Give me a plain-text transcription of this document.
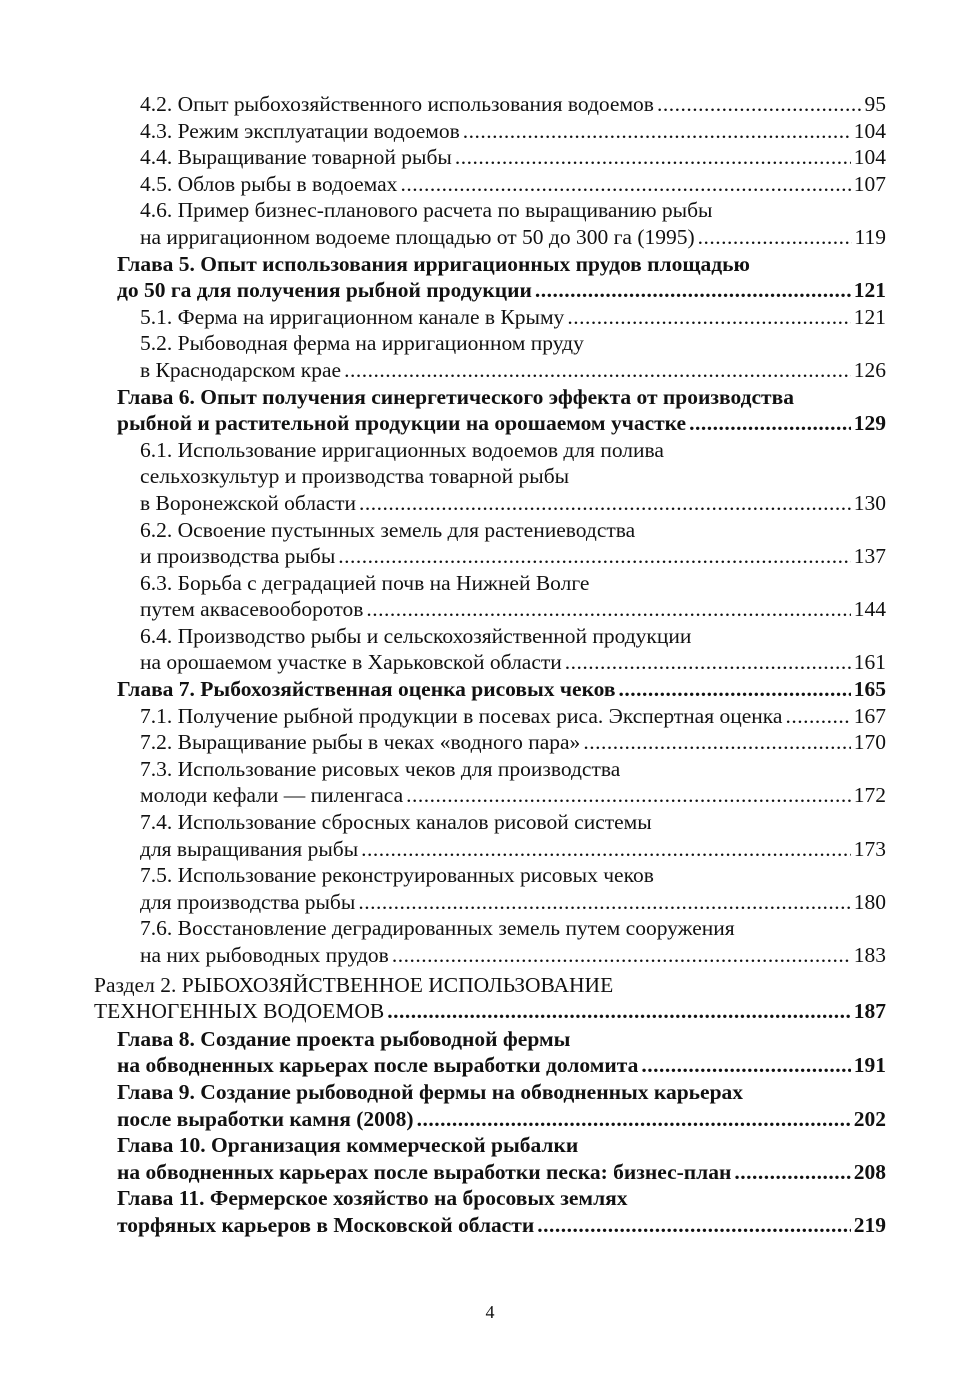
4.2. Опыт рыбохозяйственного использования водоемов .....	95
4.3. Режим эксплуатации водоемов .....	104
4.4. Выращивание товарной рыбы .....	104
4.5. Облов рыбы в водоемах .....	107
4.6. Пример бизнес-планового расчета по выращиванию рыбы
на ирригационном водоеме площадью от 50 до 300 га (1995) .....	119
Глава 5. Опыт использования ирригационных прудов площадью
до 50 га для получения рыбной продукции .....	121
5.1. Ферма на ирригационном канале в Крыму .....	121
5.2. Рыбоводная ферма на ирригационном пруду
в Краснодарском крае .....	126
Глава 6. Опыт получения синергетического эффекта от производства
рыбной и растительной продукции на орошаемом участке .....	129
6.1. Использование ирригационных водоемов для полива
сельхозкультур и производства товарной рыбы
в Воронежской области .....	130
6.2. Освоение пустынных земель для растениеводства
и производства рыбы .....	137
6.3. Борьба с деградацией почв на Нижней Волге
путем аквасевооборотов .....	144
6.4. Производство рыбы и сельскохозяйственной продукции
на орошаемом участке в Харьковской области .....	161
Глава 7. Рыбохозяйственная оценка рисовых чеков .....	165
7.1. Получение рыбной продукции в посевах риса. Экспертная оценка .....	167
7.2. Выращивание рыбы в чеках «водного пара» .....	170
7.3. Использование рисовых чеков для производства
молоди кефали — пиленгаса .....	172
7.4. Использование сбросных каналов рисовой системы
для выращивания рыбы .....	173
7.5. Использование реконструированных рисовых чеков
для производства рыбы .....	180
7.6. Восстановление деградированных земель путем сооружения
на них рыбоводных прудов .....	183
Раздел 2. РЫБОХОЗЯЙСТВЕННОЕ ИСПОЛЬЗОВАНИЕ
ТЕХНОГЕННЫХ ВОДОЕМОВ .....	187
Глава 8. Создание проекта рыбоводной фермы
на обводненных карьерах после выработки доломита .....	191
Глава 9. Создание рыбоводной фермы на обводненных карьерах
после выработки камня (2008) .....	202
Глава 10. Организация коммерческой рыбалки
на обводненных карьерах после выработки песка: бизнес-план .....	208
Глава 11. Фермерское хозяйство на бросовых землях
торфяных карьеров в Московской области .....	219
4
